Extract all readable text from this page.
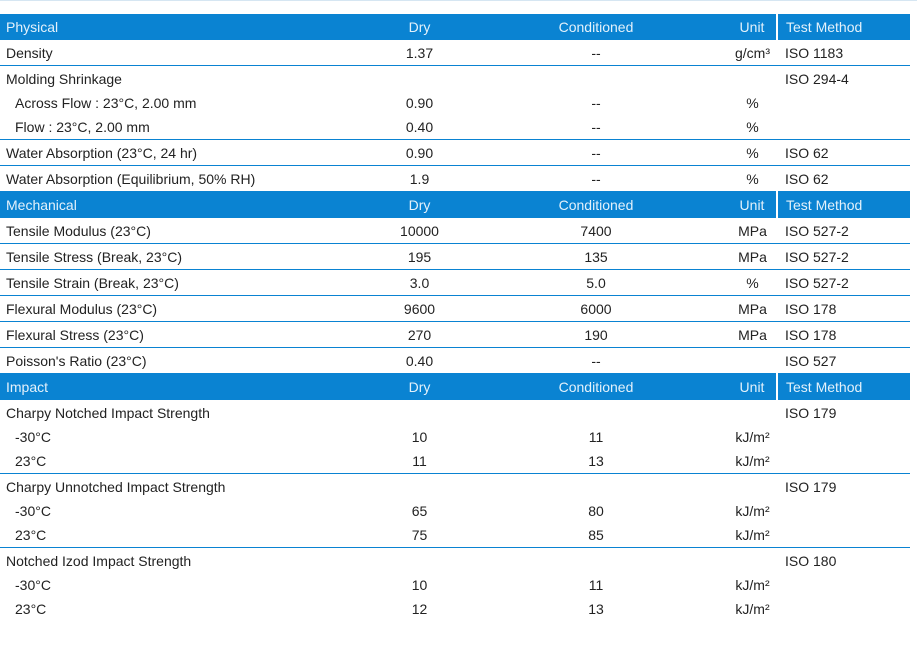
Physical	Dry	Conditioned	Unit	Test Method
Density	1.37	--	g/cm³	ISO 1183
Molding Shrinkage				ISO 294-4
Across Flow : 23°C, 2.00 mm	0.90	--	%	
Flow : 23°C, 2.00 mm	0.40	--	%	
Water Absorption (23°C, 24 hr)	0.90	--	%	ISO 62
Water Absorption (Equilibrium, 50% RH)	1.9	--	%	ISO 62
Mechanical	Dry	Conditioned	Unit	Test Method
Tensile Modulus (23°C)	10000	7400	MPa	ISO 527-2
Tensile Stress (Break, 23°C)	195	135	MPa	ISO 527-2
Tensile Strain (Break, 23°C)	3.0	5.0	%	ISO 527-2
Flexural Modulus (23°C)	9600	6000	MPa	ISO 178
Flexural Stress (23°C)	270	190	MPa	ISO 178
Poisson's Ratio (23°C)	0.40	--		ISO 527
Impact	Dry	Conditioned	Unit	Test Method
Charpy Notched Impact Strength				ISO 179
-30°C	10	11	kJ/m²	
23°C	11	13	kJ/m²	
Charpy Unnotched Impact Strength				ISO 179
-30°C	65	80	kJ/m²	
23°C	75	85	kJ/m²	
Notched Izod Impact Strength				ISO 180
-30°C	10	11	kJ/m²	
23°C	12	13	kJ/m²	
